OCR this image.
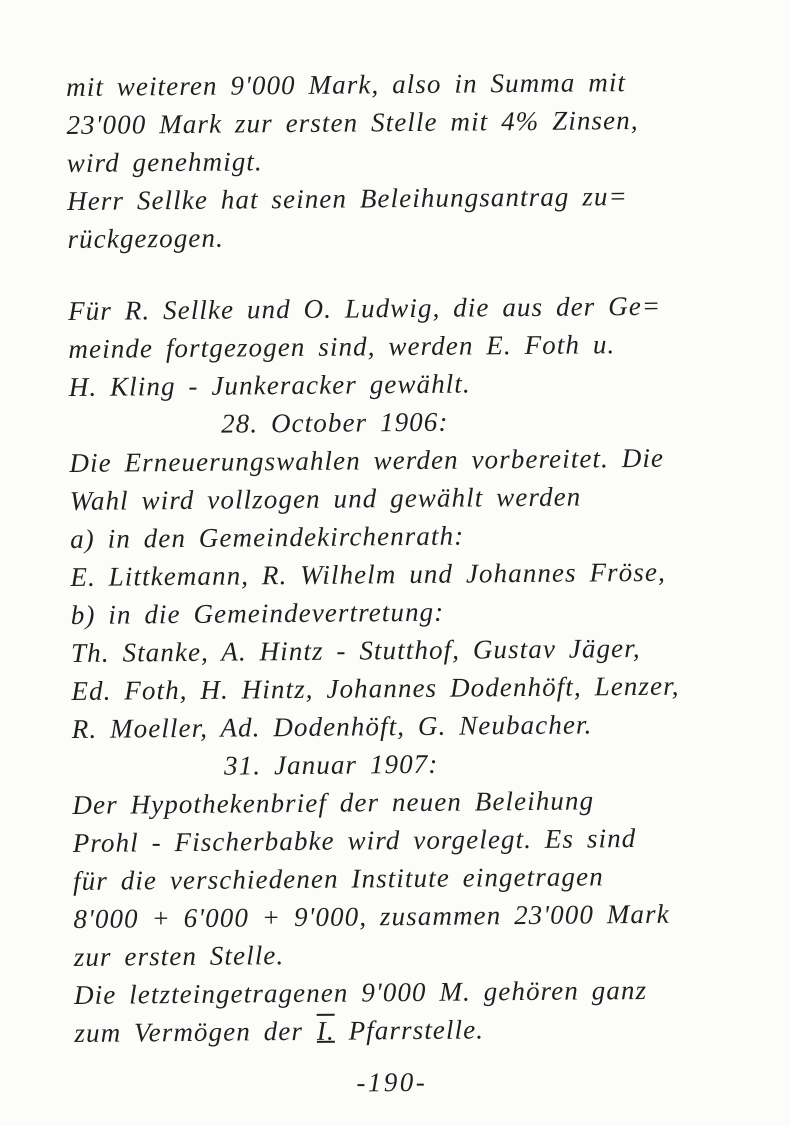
mit weiteren 9'000 Mark, also in Summa mit
23'000 Mark zur ersten Stelle mit 4% Zinsen,
wird genehmigt.
Herr Sellke hat seinen Beleihungsantrag zu=
rückgezogen.
Für R. Sellke und O. Ludwig, die aus der Ge=
meinde fortgezogen sind, werden E. Foth u.
H. Kling - Junkeracker gewählt.
28. October 1906:
Die Erneuerungswahlen werden vorbereitet. Die
Wahl wird vollzogen und gewählt werden
a) in den Gemeindekirchenrath:
E. Littkemann, R. Wilhelm und Johannes Fröse,
b) in die Gemeindevertretung:
Th. Stanke, A. Hintz - Stutthof, Gustav Jäger,
Ed. Foth, H. Hintz, Johannes Dodenhöft, Lenzer,
R. Moeller, Ad. Dodenhöft, G. Neubacher.
31. Januar 1907:
Der Hypothekenbrief der neuen Beleihung
Prohl - Fischerbabke wird vorgelegt. Es sind
für die verschiedenen Institute eingetragen
8'000 + 6'000 + 9'000, zusammen 23'000 Mark
zur ersten Stelle.
Die letzteingetragenen 9'000 M. gehören ganz
zum Vermögen der I. Pfarrstelle.
-190-
